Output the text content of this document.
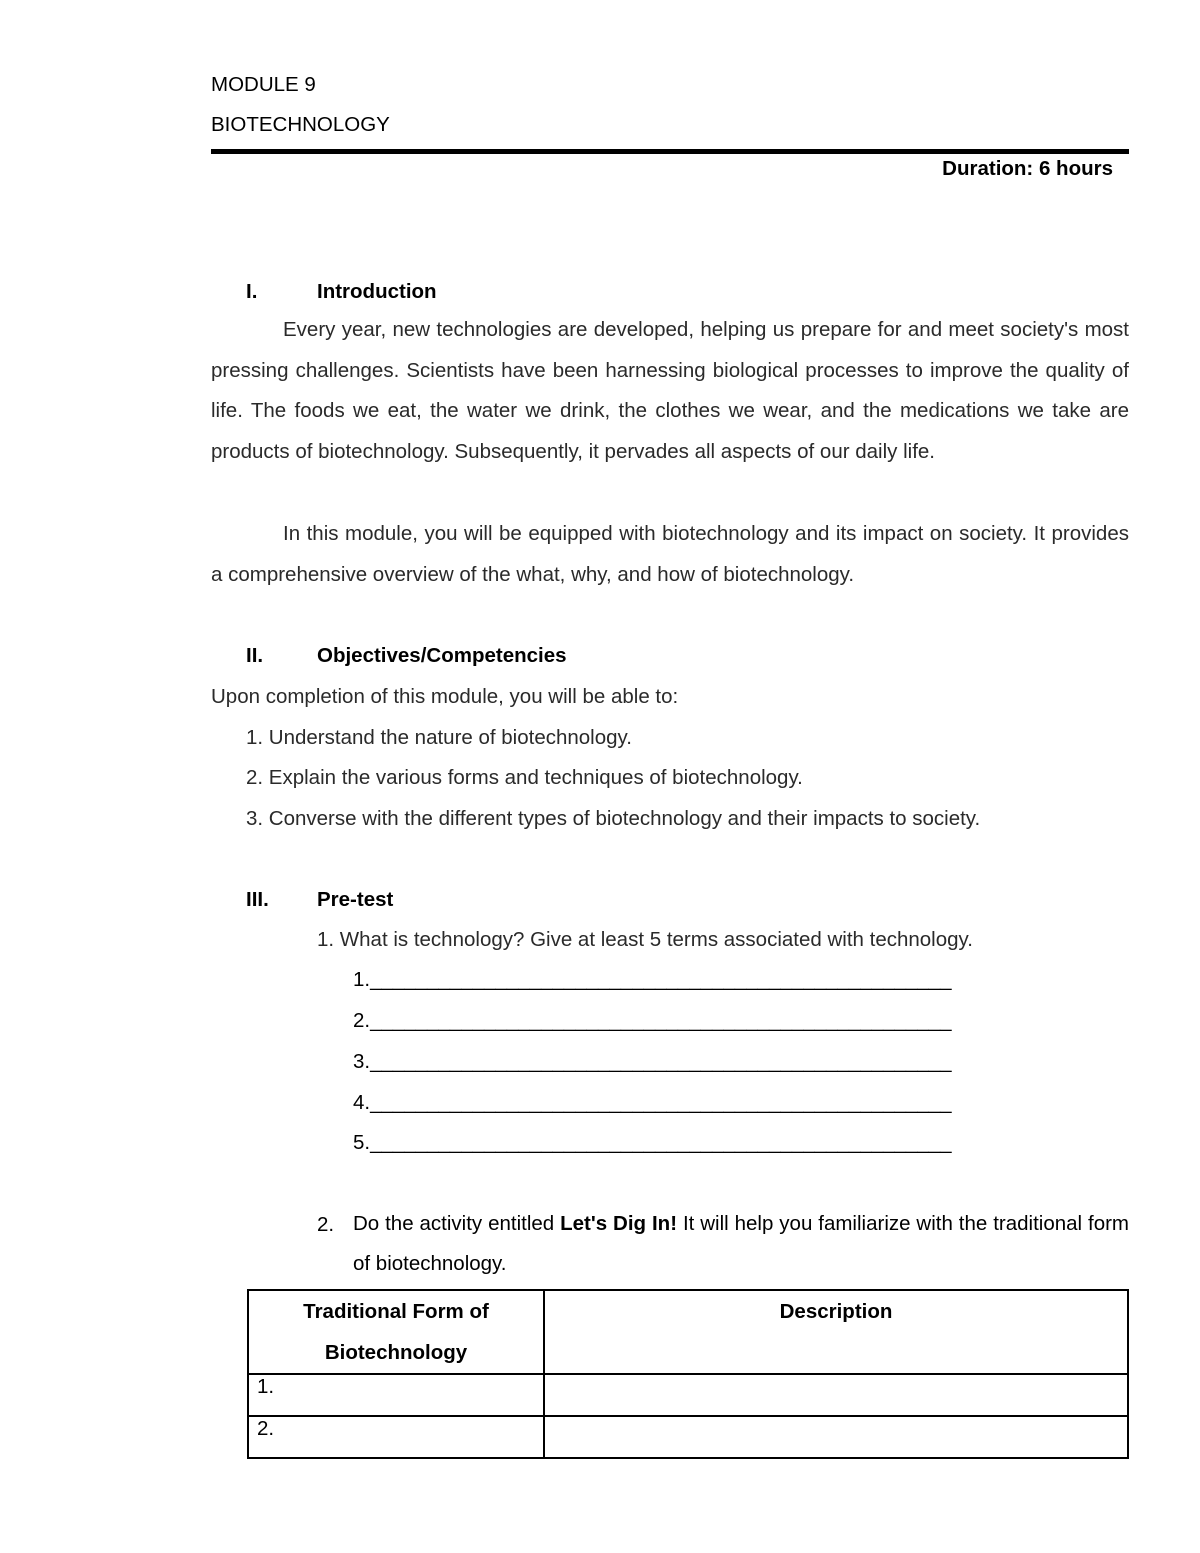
MODULE 9
BIOTECHNOLOGY
Duration: 6 hours
I.	Introduction
Every year, new technologies are developed, helping us prepare for and meet society's most pressing challenges. Scientists have been harnessing biological processes to improve the quality of life. The foods we eat, the water we drink, the clothes we wear, and the medications we take are products of biotechnology. Subsequently, it pervades all aspects of our daily life.
In this module, you will be equipped with biotechnology and its impact on society. It provides a comprehensive overview of the what, why, and how of biotechnology.
II.	Objectives/Competencies
Upon completion of this module, you will be able to:
1. Understand the nature of biotechnology.
2. Explain the various forms and techniques of biotechnology.
3. Converse with the different types of biotechnology and their impacts to society.
III. Pre-test
1. What is technology? Give at least 5 terms associated with technology.
1.___________________________________________________
2.___________________________________________________
3.___________________________________________________
4.___________________________________________________
5.___________________________________________________
2. Do the activity entitled Let's Dig In! It will help you familiarize with the traditional form of biotechnology.
Traditional Form of
Biotechnology	Description

1.	
2.	
